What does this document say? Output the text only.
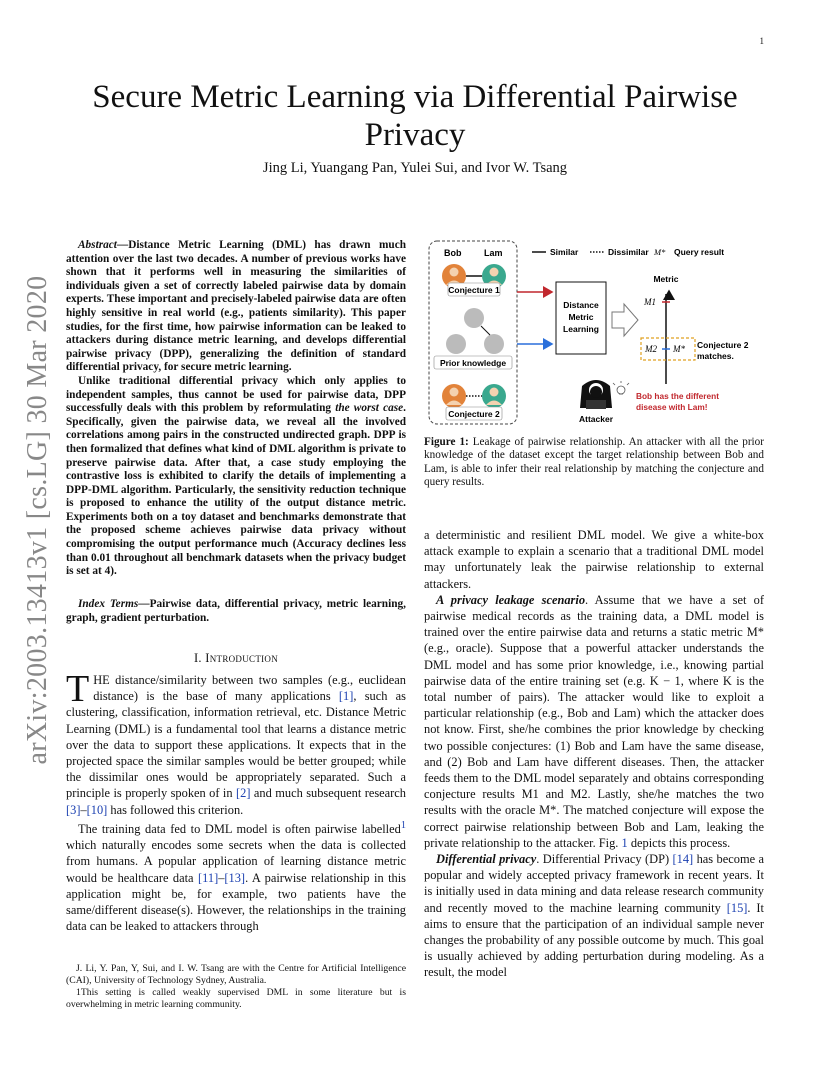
1
arXiv:2003.13413v1 [cs.LG] 30 Mar 2020
Secure Metric Learning via Differential Pairwise Privacy
Jing Li, Yuangang Pan, Yulei Sui, and Ivor W. Tsang

Abstract—Distance Metric Learning (DML) has drawn much attention over the last two decades. A number of previous works have shown that it performs well in measuring the similarities of individuals given a set of correctly labeled pairwise data by domain experts. These important and precisely-labeled pairwise data are often highly sensitive in real world (e.g., patients similarity). This paper studies, for the first time, how pairwise information can be leaked to attackers during distance metric learning, and develops differential pairwise privacy (DPP), generalizing the definition of standard differential privacy, for secure metric learning.

Unlike traditional differential privacy which only applies to independent samples, thus cannot be used for pairwise data, DPP successfully deals with this problem by reformulating the worst case. Specifically, given the pairwise data, we reveal all the involved correlations among pairs in the constructed undirected graph. DPP is then formalized that defines what kind of DML algorithm is private to preserve pairwise data. After that, a case study employing the contrastive loss is exhibited to clarify the details of implementing a DPP-DML algorithm. Particularly, the sensitivity reduction technique is proposed to enhance the utility of the output distance metric. Experiments both on a toy dataset and benchmarks demonstrate that the proposed scheme achieves pairwise data privacy without compromising the output performance much (Accuracy declines less than 0.01 throughout all benchmark datasets when the privacy budget is set at 4).

Index Terms—Pairwise data, differential privacy, metric learning, graph, gradient perturbation.
I. Introduction

THE distance/similarity between two samples (e.g., euclidean distance) is the base of many applications [1], such as clustering, classification, information retrieval, etc. Distance Metric Learning (DML) is a fundamental tool that learns a distance metric over the data to support these applications. It expects that in the projected space the similar samples would be better grouped; while the dissimilar ones would be appropriately separated. Such a principle is properly spoken of in [2] and much subsequent research [3]–[10] has followed this criterion.

The training data fed to DML model is often pairwise labelled$^1$ which naturally encodes some secrets when the data is collected from humans. A popular application of learning distance metric would be healthcare data [11]–[13]. A pairwise relationship in this application might be, for example, two patients have the same/different disease(s). However, the relationships in the training data can be leaked to attackers through

J. Li, Y. Pan, Y, Sui, and I. W. Tsang are with the Centre for Artificial Intelligence (CAI), University of Technology Sydney, Australia.

1This setting is called weakly supervised DML in some literature but is overwhelming in metric learning community.

Bob	Lam
Conjecture 1
Prior knowledge
Conjecture 2
Similar	Dissimilar M* Query result
Distance
Metric
Learning
Metric
M1
M2 M* Conjecture 2
matches.
Attacker
Bob has the different
disease with Lam!
Figure 1: Leakage of pairwise relationship. An attacker with all the prior knowledge of the dataset except the target relationship between Bob and Lam, is able to infer their real relationship by matching the conjecture and query results.

a deterministic and resilient DML model. We give a white-box attack example to explain a scenario that a traditional DML model may unfortunately leak the pairwise relationship to external attackers.

A privacy leakage scenario. Assume that we have a set of pairwise medical records as the training data, a DML model is trained over the entire pairwise data and returns a static metric M* (e.g., oracle). Suppose that a powerful attacker understands the DML model and has some prior knowledge, i.e., knowing partial pairwise data of the entire training set (e.g. K − 1, where K is the total number of pairs). The attacker would like to exploit a particular relationship (e.g., Bob and Lam) which the attacker does not know. First, she/he combines the prior knowledge by checking two possible conjectures: (1) Bob and Lam have the same disease, and (2) Bob and Lam have different diseases. Then, the attacker feeds them to the DML model separately and obtains corresponding conjecture results M1 and M2. Lastly, she/he matches the two results with the oracle M*. The matched conjecture will expose the correct pairwise relationship between Bob and Lam, leaking the private relationship to the attacker. Fig. 1 depicts this process.

Differential privacy. Differential Privacy (DP) [14] has become a popular and widely accepted privacy framework in recent years. It is initially used in data mining and data release research community and recently moved to the machine learning community [15]. It aims to ensure that the participation of an individual sample never changes the probability of any possible outcome by much. This goal is usually achieved by adding perturbation during modeling. As a result, the model
